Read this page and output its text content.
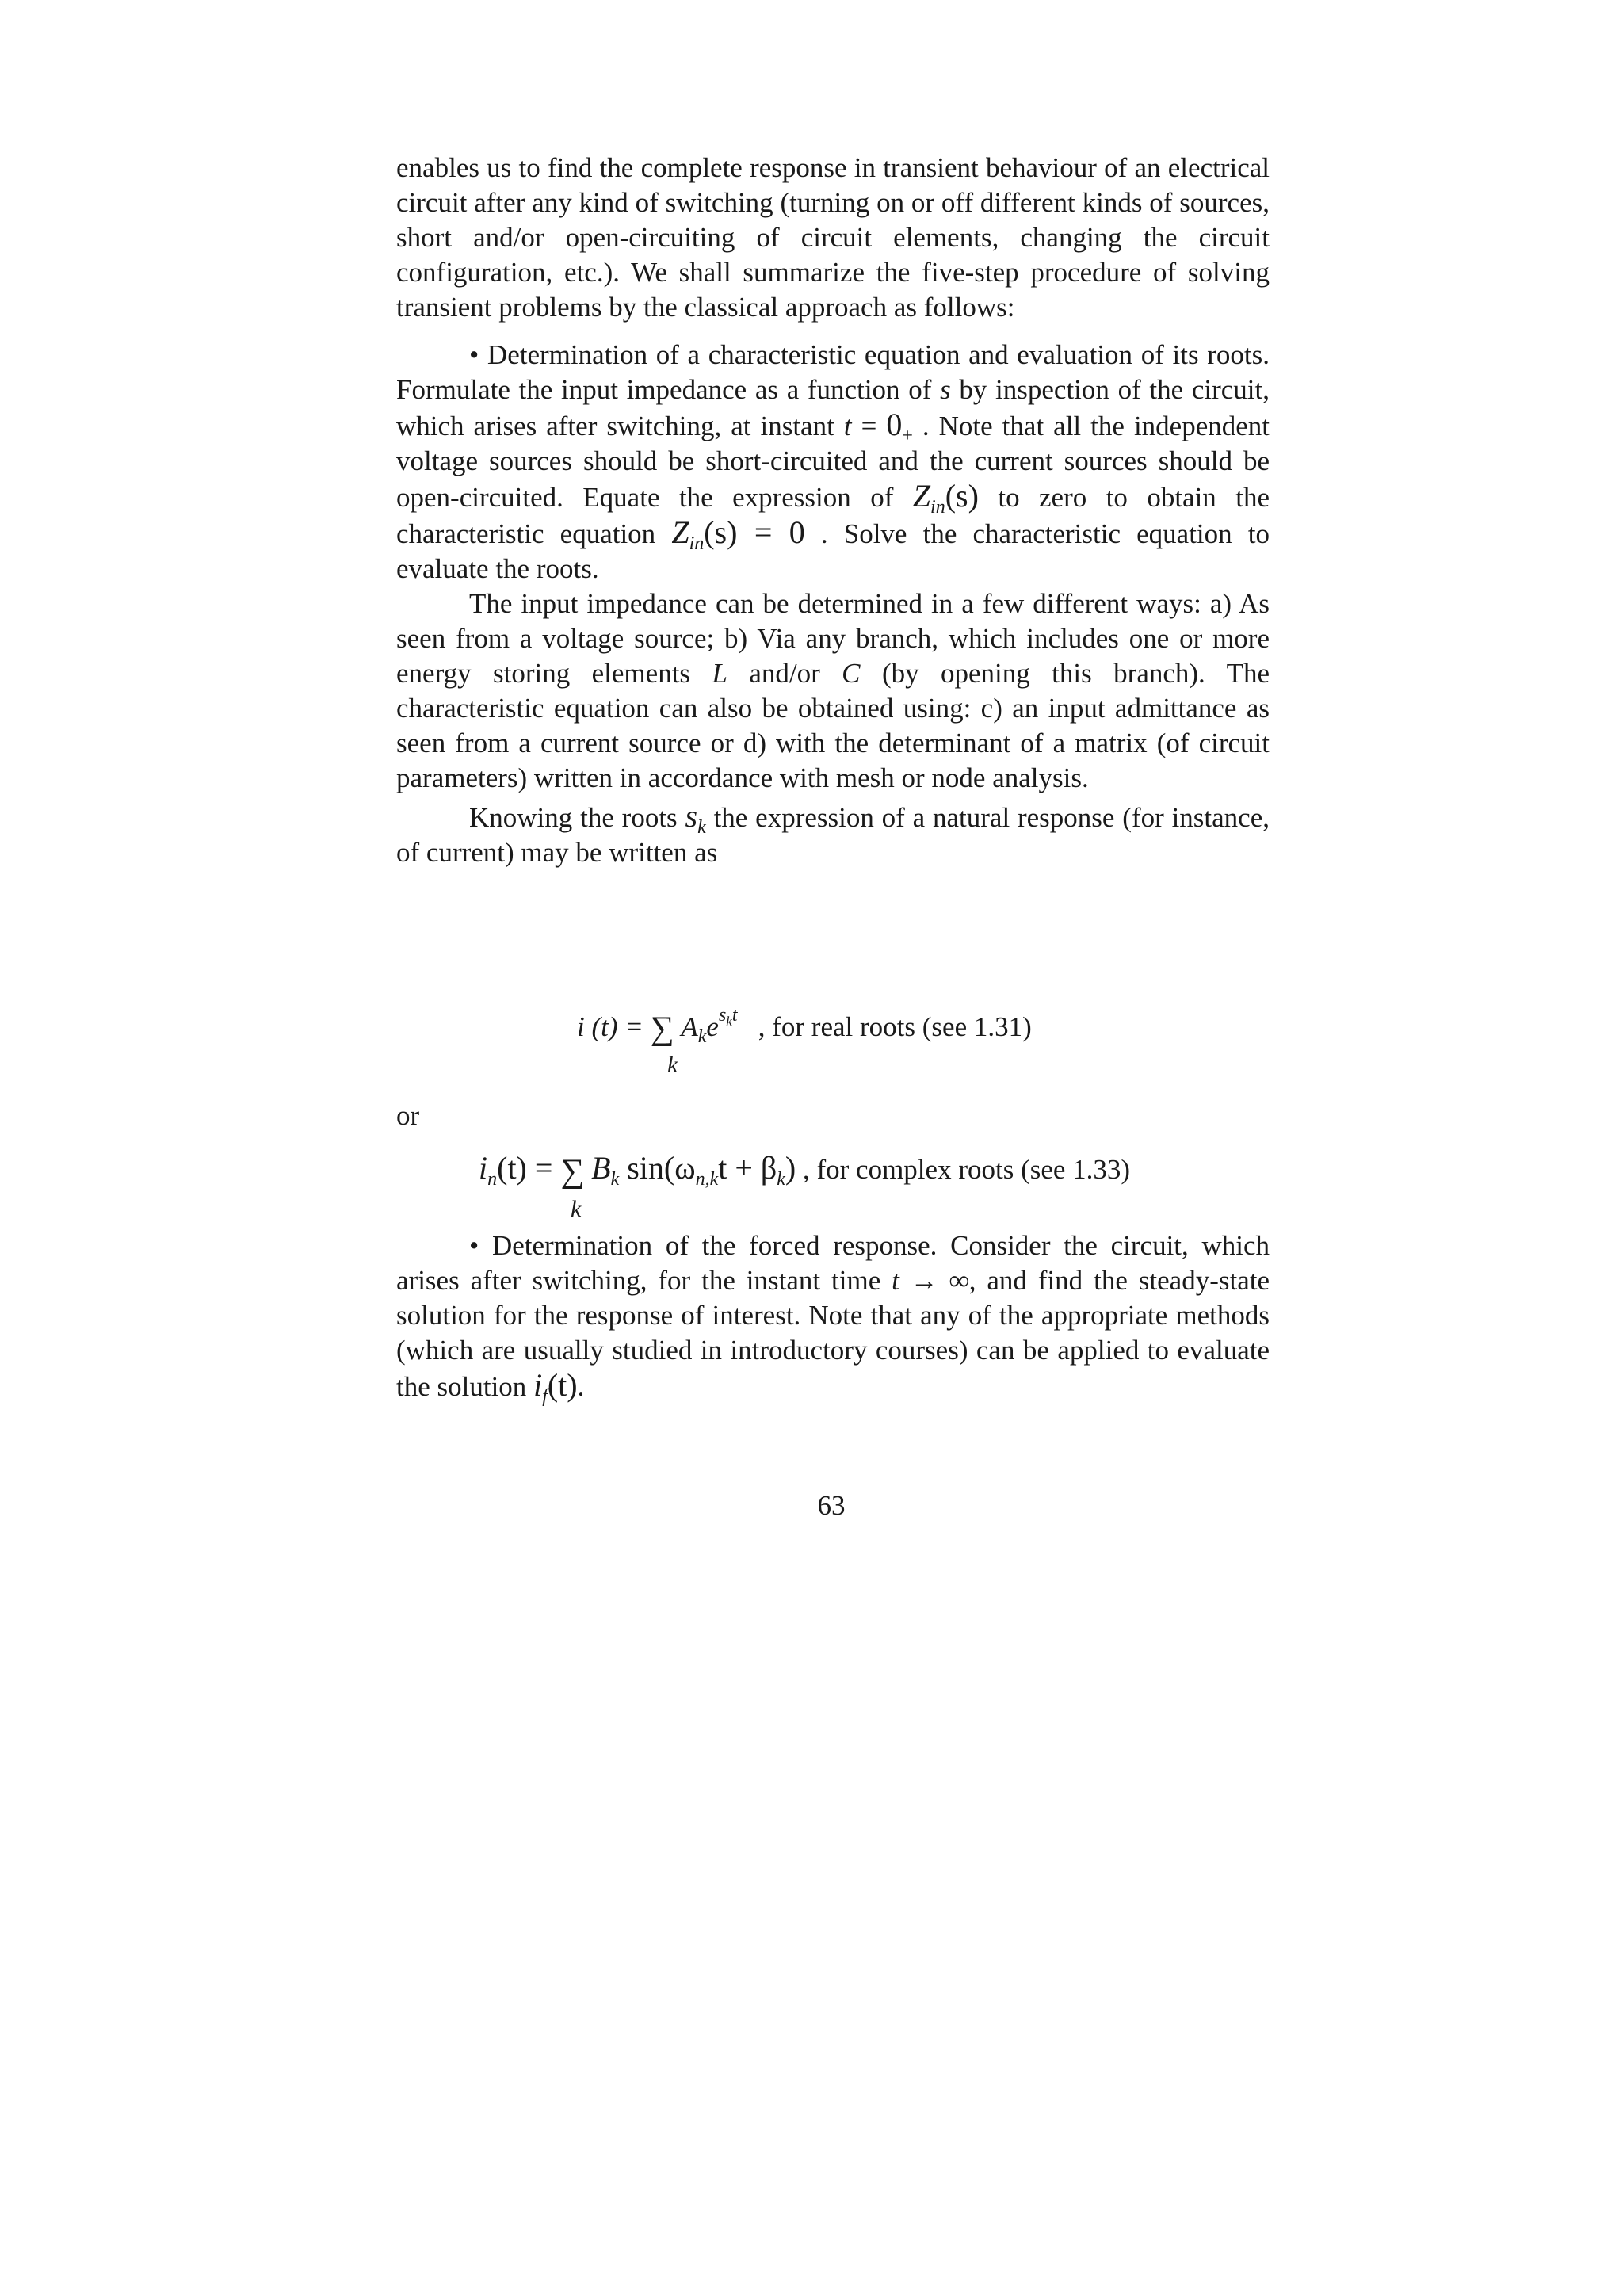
enables us to find the complete response in transient behaviour of an electrical circuit after any kind of switching (turning on or off different kinds of sources, short and/or open-circuiting of circuit elements, changing the circuit configuration, etc.). We shall summarize the five-step procedure of solving transient problems by the classical approach as follows:

• Determination of a characteristic equation and evaluation of its roots. Formulate the input impedance as a function of s by inspection of the circuit, which arises after switching, at instant $t = 0_+$ . Note that all the independent voltage sources should be short-circuited and the current sources should be open-circuited. Equate the expression of $Z_{in}(s)$ to zero to obtain the characteristic equation $Z_{in}(s) = 0$ . Solve the characteristic equation to evaluate the roots.

The input impedance can be determined in a few different ways: a) As seen from a voltage source; b) Via any branch, which includes one or more energy storing elements L and/or C (by opening this branch). The characteristic equation can also be obtained using: c) an input admittance as seen from a current source or d) with the determinant of a matrix (of circuit parameters) written in accordance with mesh or node analysis.

Knowing the roots $s_k$ the expression of a natural response (for instance, of current) may be written as

i (t) = ∑ $A_ke^{s_kt}$ , for real roots (see 1.31)
k

or

$i_n(t)$ = ∑ $B_k$ $\sin(\omega_{n,k}t + \beta_k)$ , for complex roots (see 1.33)
k

• Determination of the forced response. Consider the circuit, which arises after switching, for the instant time t → ∞, and find the steady-state solution for the response of interest. Note that any of the appropriate methods (which are usually studied in introductory courses) can be applied to evaluate the solution $i_f(t)$.

63
